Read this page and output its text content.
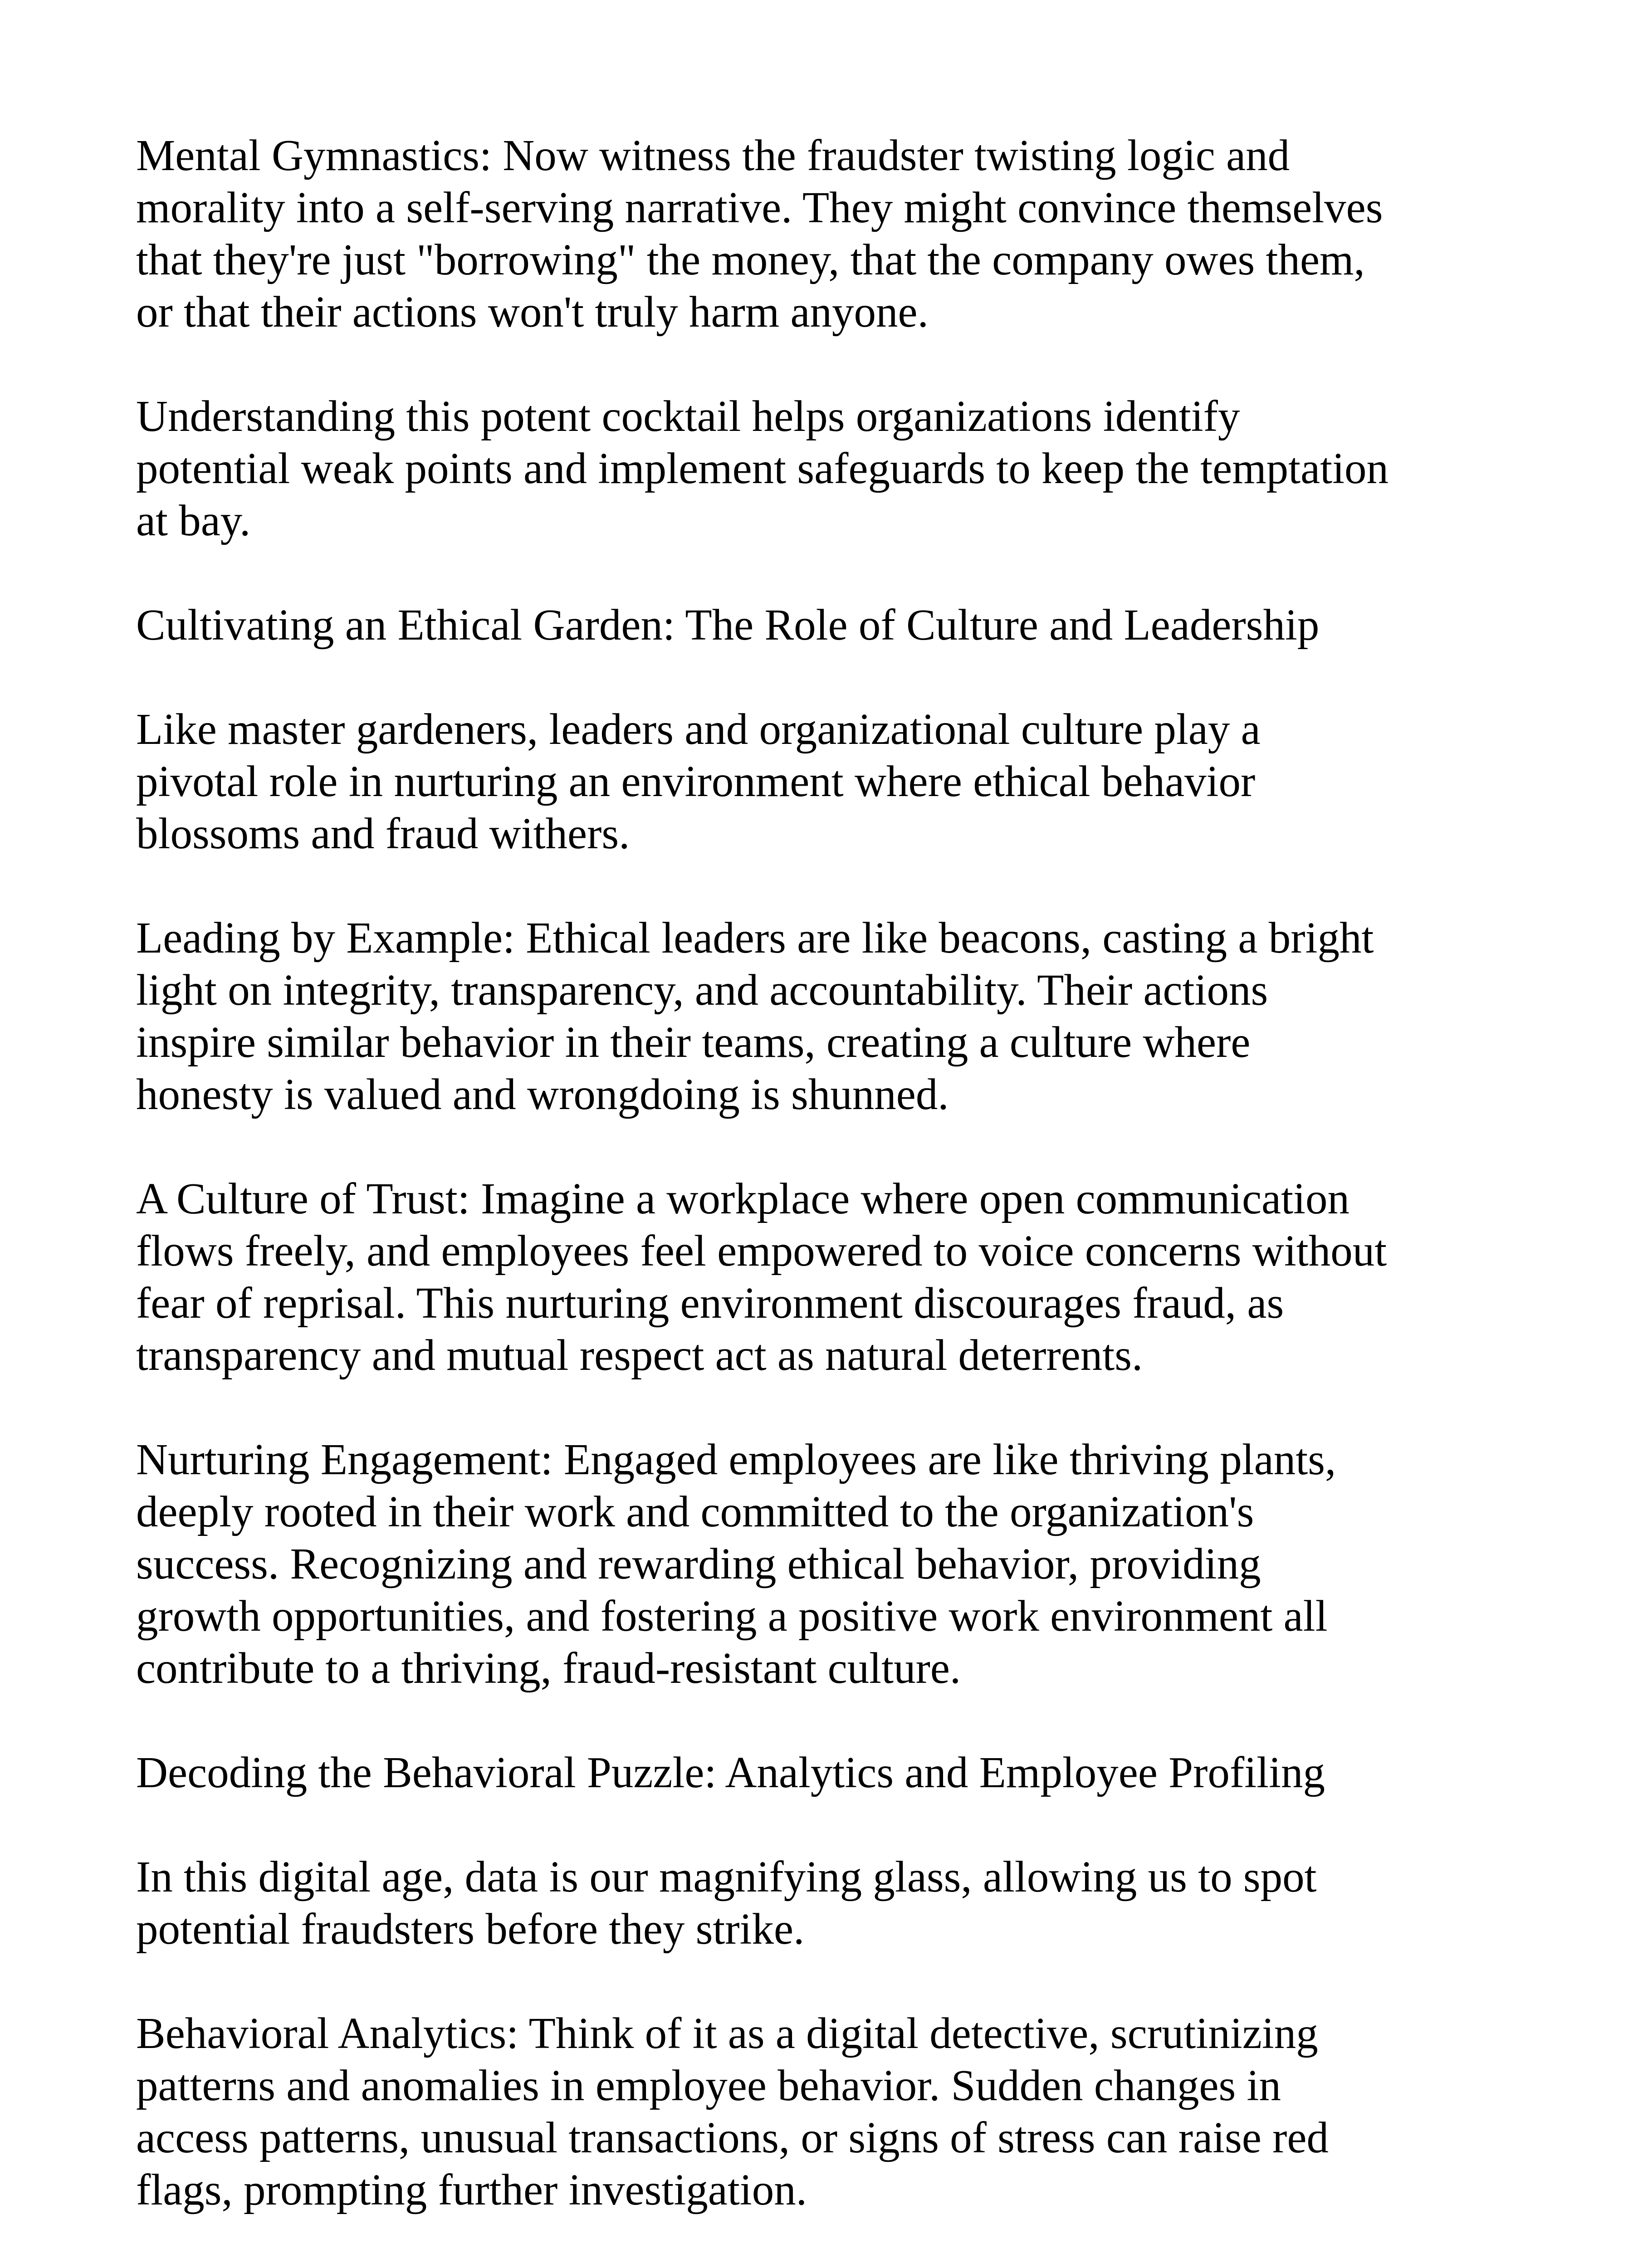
Mental Gymnastics: Now witness the fraudster twisting logic and
morality into a self-serving narrative. They might convince themselves
that they're just "borrowing" the money, that the company owes them,
or that their actions won't truly harm anyone.

Understanding this potent cocktail helps organizations identify
potential weak points and implement safeguards to keep the temptation
at bay.

Cultivating an Ethical Garden: The Role of Culture and Leadership

Like master gardeners, leaders and organizational culture play a
pivotal role in nurturing an environment where ethical behavior
blossoms and fraud withers.

Leading by Example: Ethical leaders are like beacons, casting a bright
light on integrity, transparency, and accountability. Their actions
inspire similar behavior in their teams, creating a culture where
honesty is valued and wrongdoing is shunned.

A Culture of Trust: Imagine a workplace where open communication
flows freely, and employees feel empowered to voice concerns without
fear of reprisal. This nurturing environment discourages fraud, as
transparency and mutual respect act as natural deterrents.

Nurturing Engagement: Engaged employees are like thriving plants,
deeply rooted in their work and committed to the organization's
success. Recognizing and rewarding ethical behavior, providing
growth opportunities, and fostering a positive work environment all
contribute to a thriving, fraud-resistant culture.

Decoding the Behavioral Puzzle: Analytics and Employee Profiling

In this digital age, data is our magnifying glass, allowing us to spot
potential fraudsters before they strike.

Behavioral Analytics: Think of it as a digital detective, scrutinizing
patterns and anomalies in employee behavior. Sudden changes in
access patterns, unusual transactions, or signs of stress can raise red
flags, prompting further investigation.
